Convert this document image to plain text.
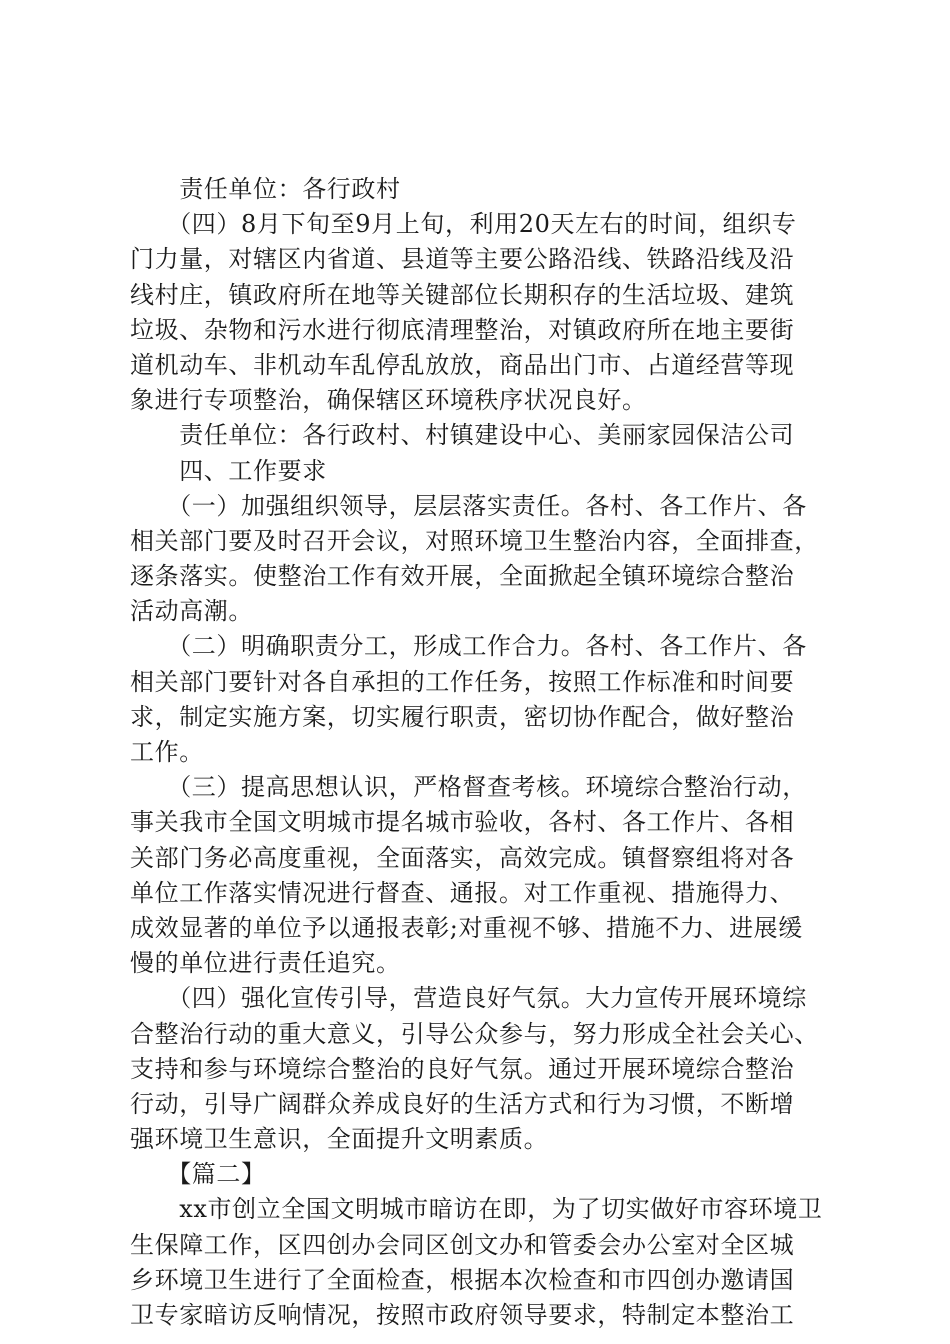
　　责任单位：各行政村
　　（四）8月下旬至9月上旬，利用20天左右的时间，组织专
门力量，对辖区内省道、县道等主要公路沿线、铁路沿线及沿
线村庄，镇政府所在地等关键部位长期积存的生活垃圾、建筑
垃圾、杂物和污水进行彻底清理整治，对镇政府所在地主要街
道机动车、非机动车乱停乱放放，商品出门市、占道经营等现
象进行专项整治，确保辖区环境秩序状况良好。
　　责任单位：各行政村、村镇建设中心、美丽家园保洁公司
　　四、工作要求
　　（一）加强组织领导，层层落实责任。各村、各工作片、各
相关部门要及时召开会议，对照环境卫生整治内容，全面排查，
逐条落实。使整治工作有效开展，全面掀起全镇环境综合整治
活动高潮。
　　（二）明确职责分工，形成工作合力。各村、各工作片、各
相关部门要针对各自承担的工作任务，按照工作标准和时间要
求，制定实施方案，切实履行职责，密切协作配合，做好整治
工作。
　　（三）提高思想认识，严格督查考核。环境综合整治行动，
事关我市全国文明城市提名城市验收，各村、各工作片、各相
关部门务必高度重视，全面落实，高效完成。镇督察组将对各
单位工作落实情况进行督查、通报。对工作重视、措施得力、
成效显著的单位予以通报表彰;对重视不够、措施不力、进展缓
慢的单位进行责任追究。
　　（四）强化宣传引导，营造良好气氛。大力宣传开展环境综
合整治行动的重大意义，引导公众参与，努力形成全社会关心、
支持和参与环境综合整治的良好气氛。通过开展环境综合整治
行动，引导广阔群众养成良好的生活方式和行为习惯，不断增
强环境卫生意识，全面提升文明素质。
　　【篇二】
　　xx市创立全国文明城市暗访在即，为了切实做好市容环境卫
生保障工作，区四创办会同区创文办和管委会办公室对全区城
乡环境卫生进行了全面检查，根据本次检查和市四创办邀请国
卫专家暗访反响情况，按照市政府领导要求，特制定本整治工
